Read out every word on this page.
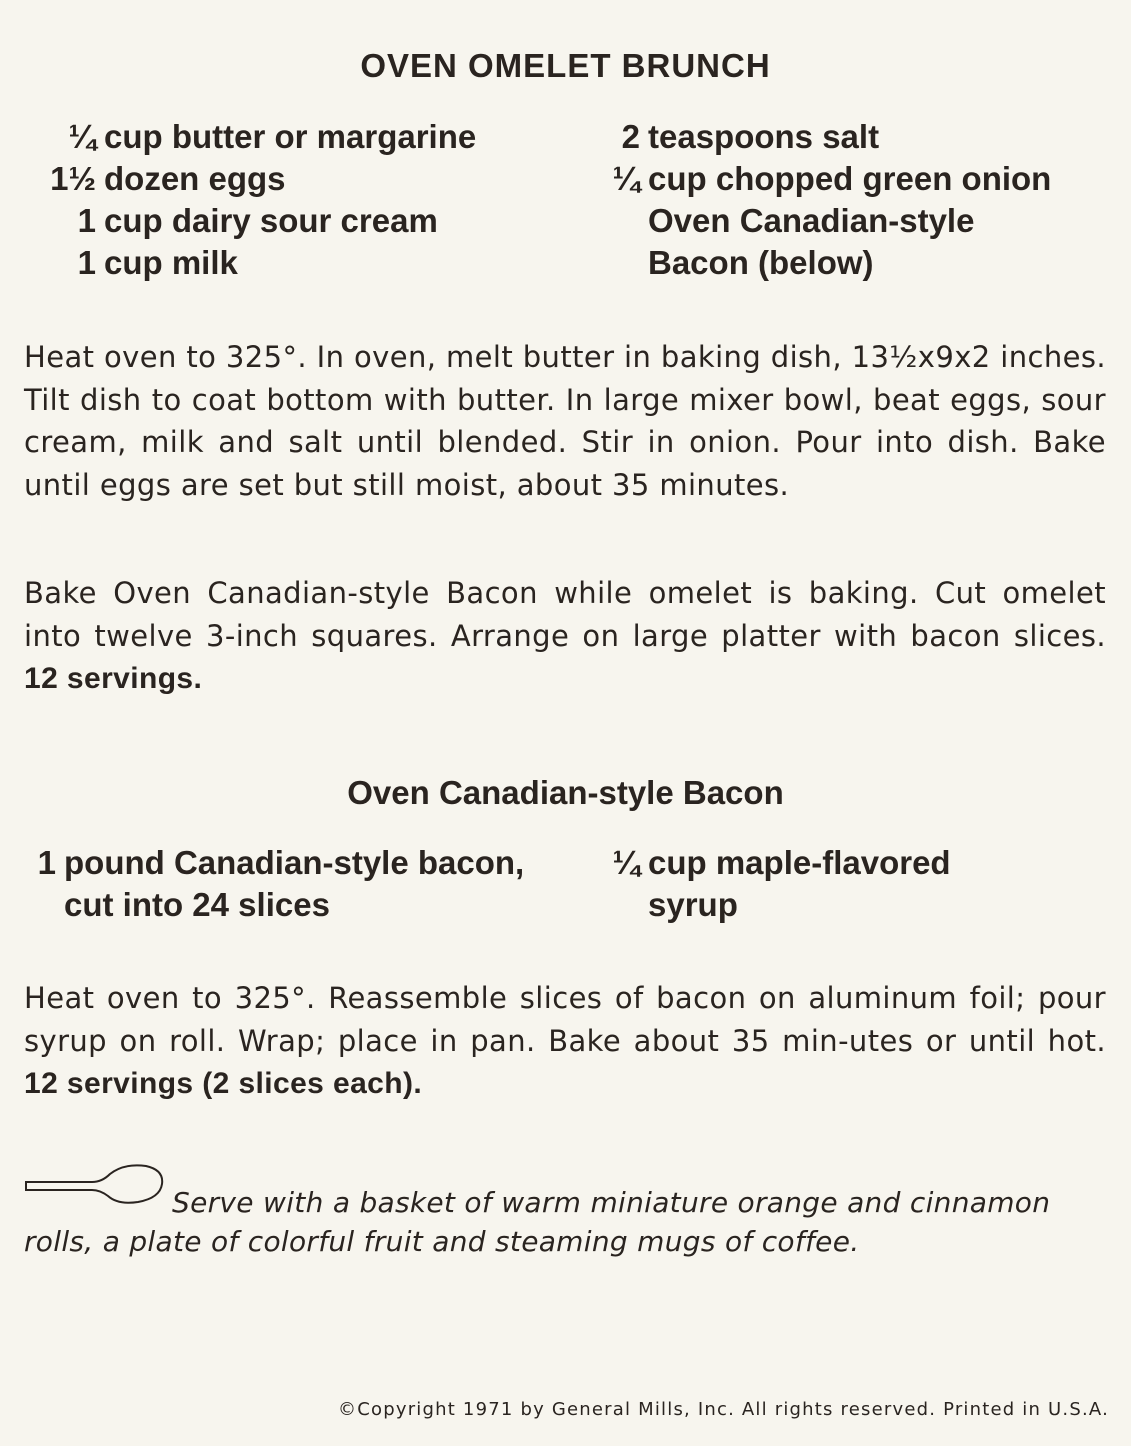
OVEN OMELET BRUNCH
¼ cup butter or margarine
1½ dozen eggs
1 cup dairy sour cream
1 cup milk
2 teaspoons salt
¼ cup chopped green onion
Oven Canadian-style
Bacon (below)

Heat oven to 325°. In oven, melt butter in baking dish, 13½x9x2 inches. Tilt dish to coat bottom with butter. In large mixer bowl, beat eggs, sour cream, milk and salt until blended. Stir in onion. Pour into dish. Bake until eggs are set but still moist, about 35 minutes.

Bake Oven Canadian-style Bacon while omelet is baking. Cut omelet into twelve 3-inch squares. Arrange on large platter with bacon slices. 12 servings.

Oven Canadian-style Bacon
1 pound Canadian-style bacon,
cut into 24 slices
¼ cup maple-flavored
syrup

Heat oven to 325°. Reassemble slices of bacon on aluminum foil; pour syrup on roll. Wrap; place in pan. Bake about 35 min-utes or until hot. 12 servings (2 slices each).

Serve with a basket of warm miniature orange and cinnamon rolls, a plate of colorful fruit and steaming mugs of coffee.

©Copyright 1971 by General Mills, Inc. All rights reserved. Printed in U.S.A.
